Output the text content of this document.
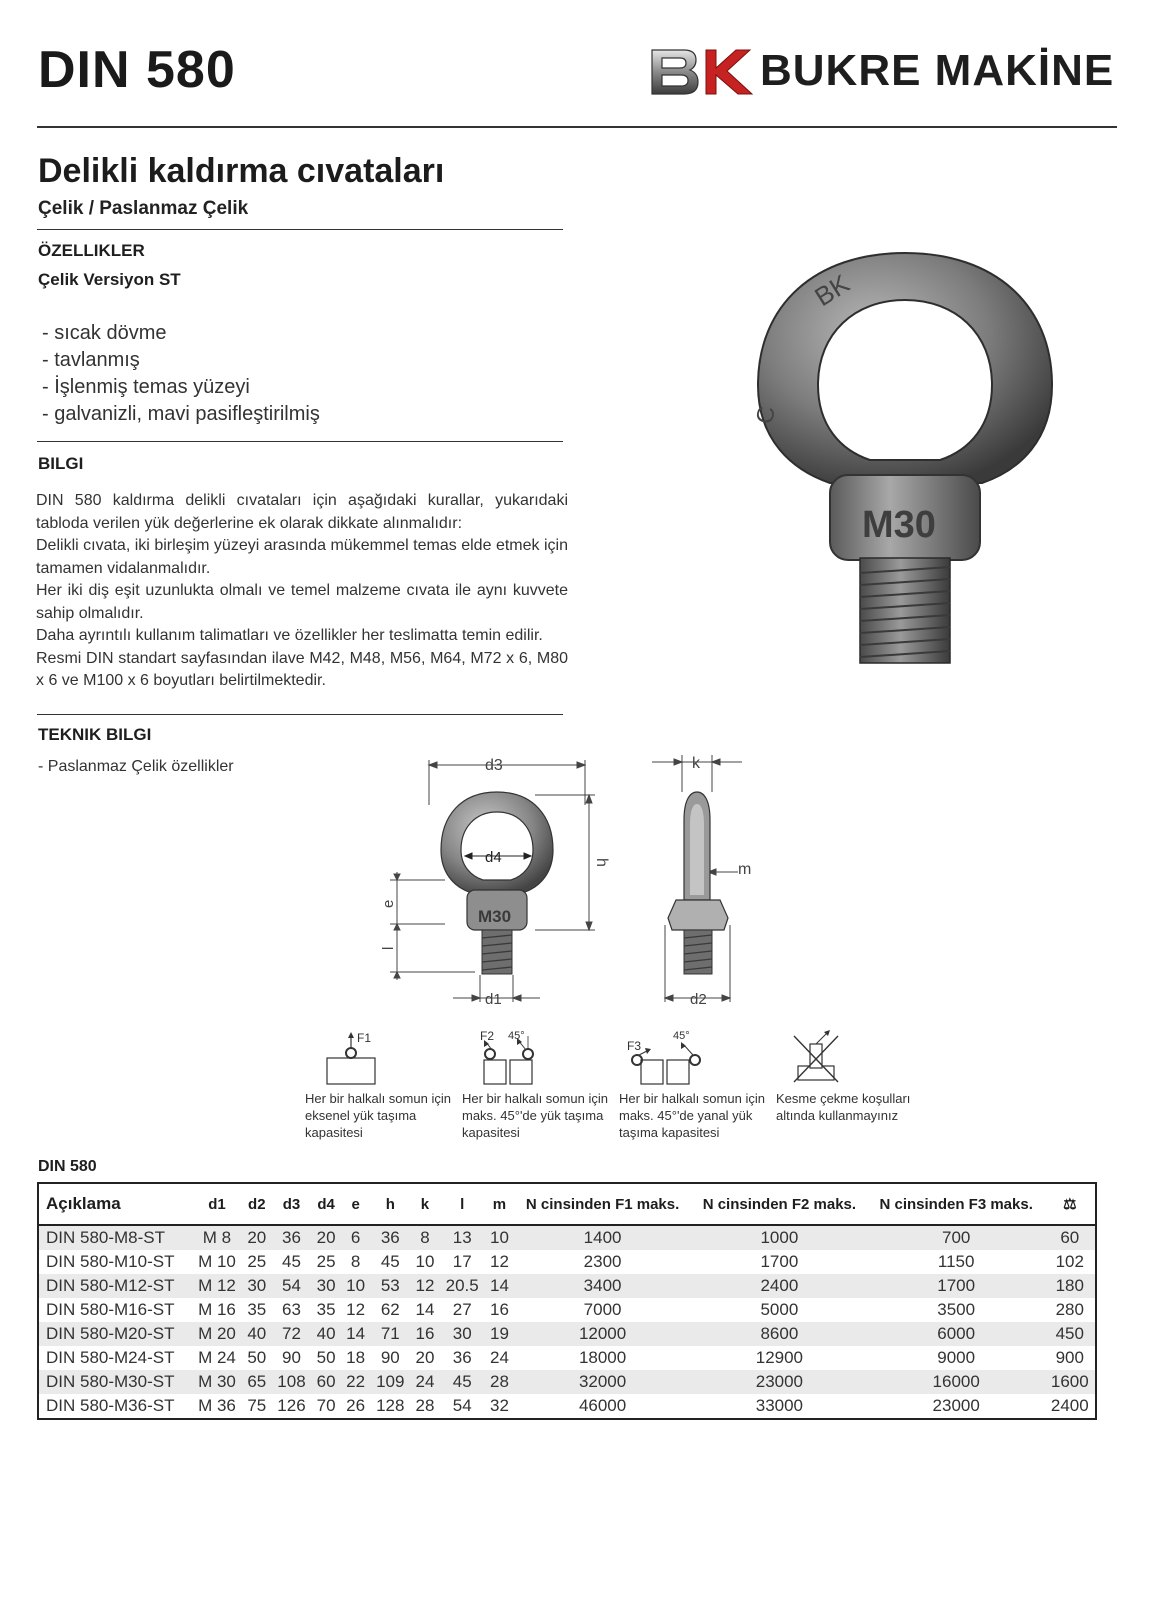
DIN 580	BUKRE MAKİNE
Delikli kaldırma cıvataları
Çelik / Paslanmaz Çelik
ÖZELLIKLER
Çelik Versiyon ST
- sıcak dövme
- tavlanmış
- İşlenmiş temas yüzeyi
- galvanizli, mavi pasifleştirilmiş
BILGI

DIN 580 kaldırma delikli cıvataları için aşağıdaki kurallar, yukarıdaki tabloda verilen yük değerlerine ek olarak dikkate alınmalıdır:

Delikli cıvata, iki birleşim yüzeyi arasında mükemmel temas elde etmek için tamamen vidalanmalıdır.

Her iki diş eşit uzunlukta olmalı ve temel malzeme cıvata ile aynı kuvvete sahip olmalıdır.

Daha ayrıntılı kullanım talimatları ve özellikler her teslimatta temin edilir.

Resmi DIN standart sayfasından ilave M42, M48, M56, M64, M72 x 6, M80 x 6 ve M100 x 6 boyutları belirtilmektedir.

TEKNIK BILGI
- Paslanmaz Çelik özellikler
BK
C
M30
d3
h
e
l
d1
M30
d4
k
m
d2
F1
Her bir halkalı somun için eksenel yük taşıma kapasitesi
F2 45°
Her bir halkalı somun için maks. 45°'de yük taşıma kapasitesi
F3
45°
Her bir halkalı somun için maks. 45°'de yanal yük taşıma kapasitesi
Kesme çekme koşulları altında kullanmayınız
DIN 580
Açıklama	d1	d2	d3	d4	e	h	k	l	m	N cinsinden F1 maks.	N cinsinden F2 maks.	N cinsinden F3 maks.	⚖
DIN 580-M8-ST	M 8	20	36	20	6	36	8	13	10	1400	1000	700	60
DIN 580-M10-ST	M 10	25	45	25	8	45	10	17	12	2300	1700	1150	102
DIN 580-M12-ST	M 12	30	54	30	10	53	12	20.5	14	3400	2400	1700	180
DIN 580-M16-ST	M 16	35	63	35	12	62	14	27	16	7000	5000	3500	280
DIN 580-M20-ST	M 20	40	72	40	14	71	16	30	19	12000	8600	6000	450
DIN 580-M24-ST	M 24	50	90	50	18	90	20	36	24	18000	12900	9000	900
DIN 580-M30-ST	M 30	65	108	60	22	109	24	45	28	32000	23000	16000	1600
DIN 580-M36-ST	M 36	75	126	70	26	128	28	54	32	46000	33000	23000	2400
